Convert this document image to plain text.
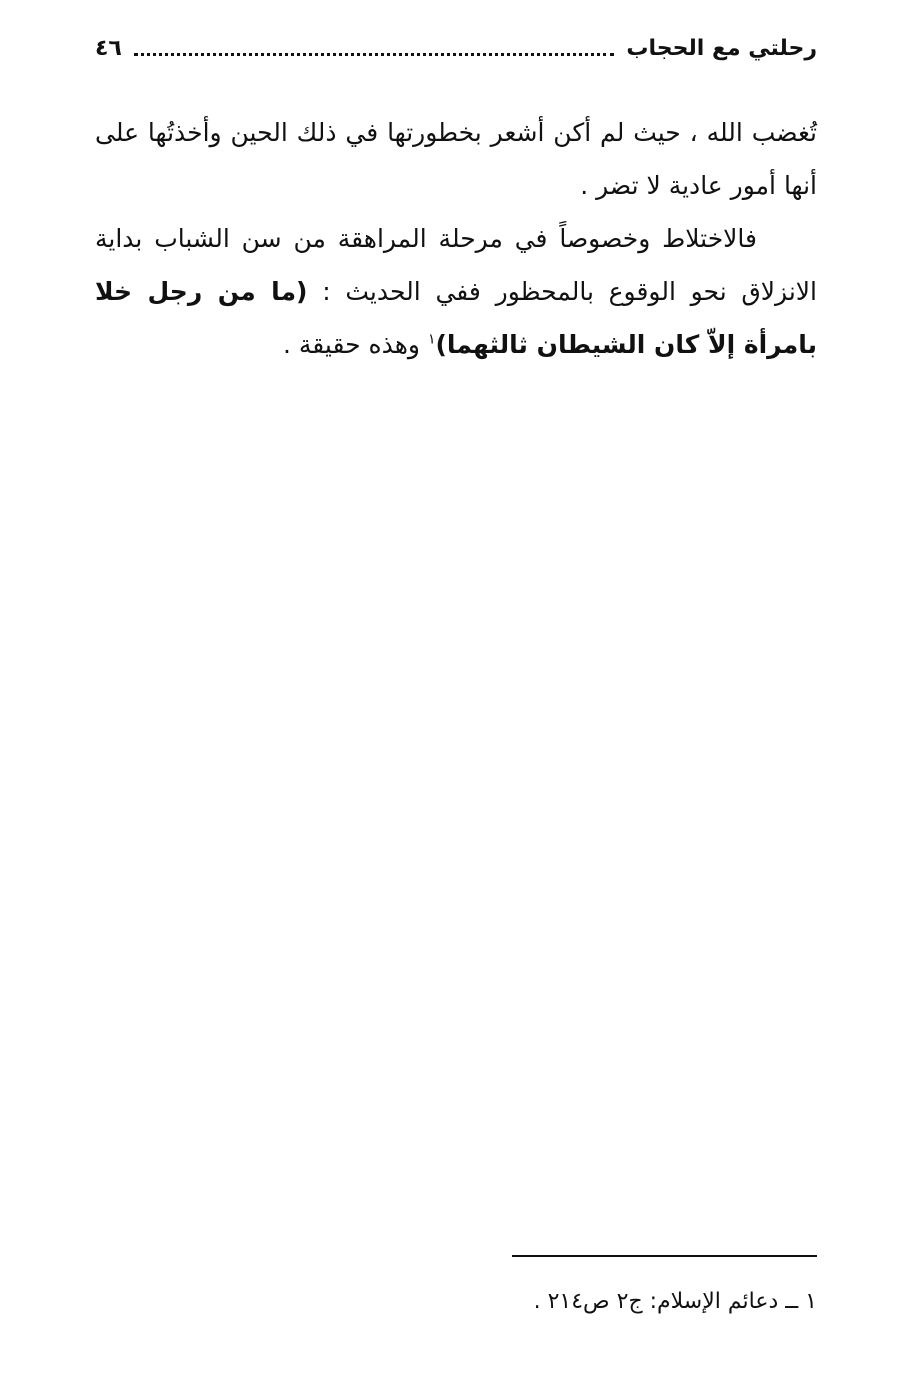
رحلتي مع الحجاب
٤٦

تُغضب الله ، حيث لم أكن أشعر بخطورتها في ذلك الحين وأخذتُها على أنها أمور عادية لا تضر .

فالاختلاط وخصوصاً في مرحلة المراهقة من سن الشباب بداية الانزلاق نحو الوقوع بالمحظور ففي الحديث : (ما من رجل خلا بامرأة إلاّ كان الشيطان ثالثهما)$^١$ وهذه حقيقة .

١ ــ دعائم الإسلام: ج٢ ص٢١٤ .
